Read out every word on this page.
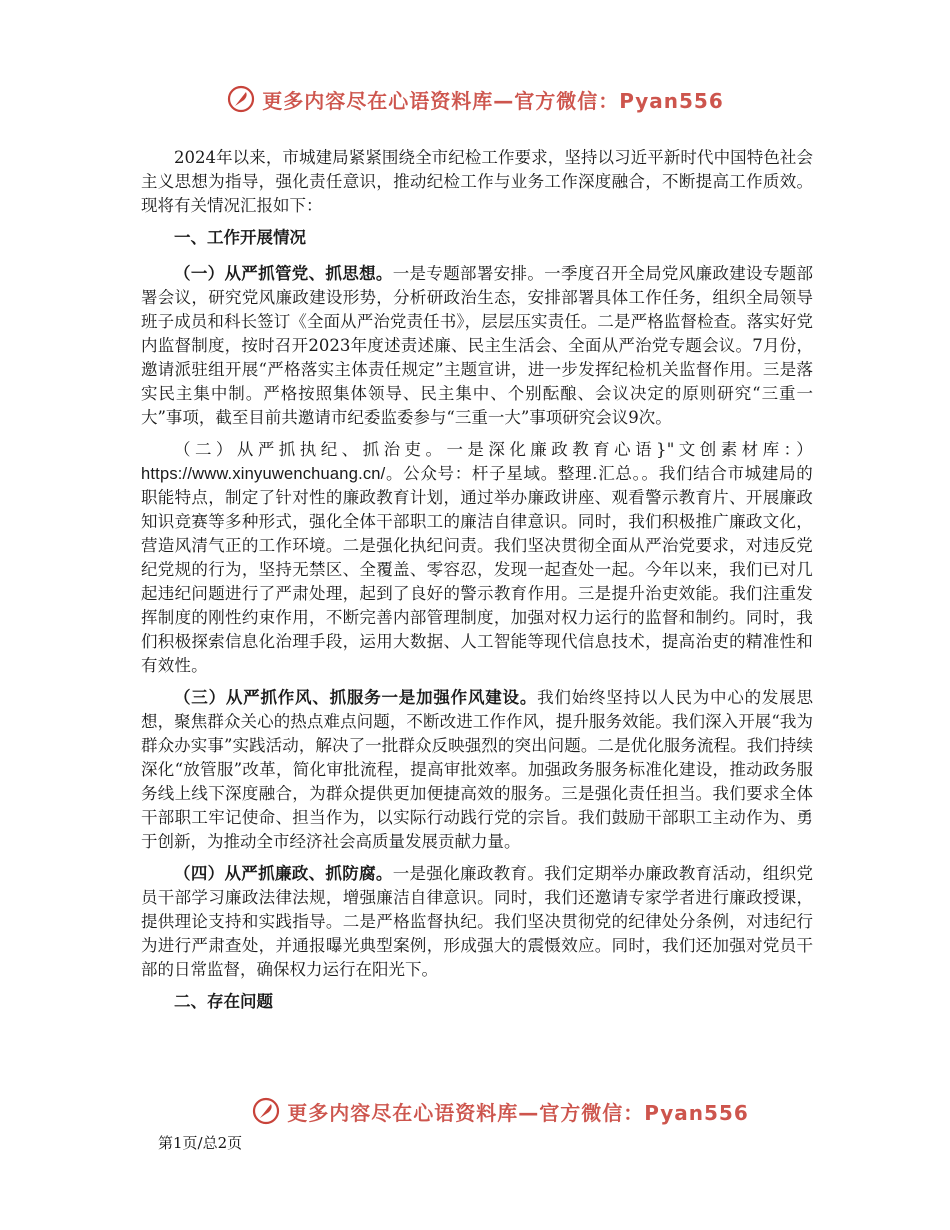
更多内容尽在心语资料库—官方微信：Pyan556

2024年以来，市城建局紧紧围绕全市纪检工作要求，坚持以习近平新时代中国特色社会主义思想为指导，强化责任意识，推动纪检工作与业务工作深度融合，不断提高工作质效。现将有关情况汇报如下：

一、工作开展情况

（一）从严抓管党、抓思想。一是专题部署安排。一季度召开全局党风廉政建设专题部署会议，研究党风廉政建设形势，分析研政治生态，安排部署具体工作任务，组织全局领导班子成员和科长签订《全面从严治党责任书》，层层压实责任。二是严格监督检查。落实好党内监督制度，按时召开2023年度述责述廉、民主生活会、全面从严治党专题会议。7月份，邀请派驻组开展“严格落实主体责任规定”主题宣讲，进一步发挥纪检机关监督作用。三是落实民主集中制。严格按照集体领导、民主集中、个别酝酿、会议决定的原则研究“三重一大”事项，截至目前共邀请市纪委监委参与“三重一大”事项研究会议9次。

（二）从严抓执纪、抓治吏。一是深化廉政教育心语}"文创素材库：）https://www.xinyuwenchuang.cn/。公众号：杆子星域。整理.汇总。。我们结合市城建局的职能特点，制定了针对性的廉政教育计划，通过举办廉政讲座、观看警示教育片、开展廉政知识竞赛等多种形式，强化全体干部职工的廉洁自律意识。同时，我们积极推广廉政文化，营造风清气正的工作环境。二是强化执纪问责。我们坚决贯彻全面从严治党要求，对违反党纪党规的行为，坚持无禁区、全覆盖、零容忍，发现一起查处一起。今年以来，我们已对几起违纪问题进行了严肃处理，起到了良好的警示教育作用。三是提升治吏效能。我们注重发挥制度的刚性约束作用，不断完善内部管理制度，加强对权力运行的监督和制约。同时，我们积极探索信息化治理手段，运用大数据、人工智能等现代信息技术，提高治吏的精准性和有效性。

（三）从严抓作风、抓服务一是加强作风建设。我们始终坚持以人民为中心的发展思想，聚焦群众关心的热点难点问题，不断改进工作作风，提升服务效能。我们深入开展“我为群众办实事”实践活动，解决了一批群众反映强烈的突出问题。二是优化服务流程。我们持续深化“放管服”改革，简化审批流程，提高审批效率。加强政务服务标准化建设，推动政务服务线上线下深度融合，为群众提供更加便捷高效的服务。三是强化责任担当。我们要求全体干部职工牢记使命、担当作为，以实际行动践行党的宗旨。我们鼓励干部职工主动作为、勇于创新，为推动全市经济社会高质量发展贡献力量。

（四）从严抓廉政、抓防腐。一是强化廉政教育。我们定期举办廉政教育活动，组织党员干部学习廉政法律法规，增强廉洁自律意识。同时，我们还邀请专家学者进行廉政授课，提供理论支持和实践指导。二是严格监督执纪。我们坚决贯彻党的纪律处分条例，对违纪行为进行严肃查处，并通报曝光典型案例，形成强大的震慑效应。同时，我们还加强对党员干部的日常监督，确保权力运行在阳光下。

二、存在问题
更多内容尽在心语资料库—官方微信：Pyan556
第1页/总2页
